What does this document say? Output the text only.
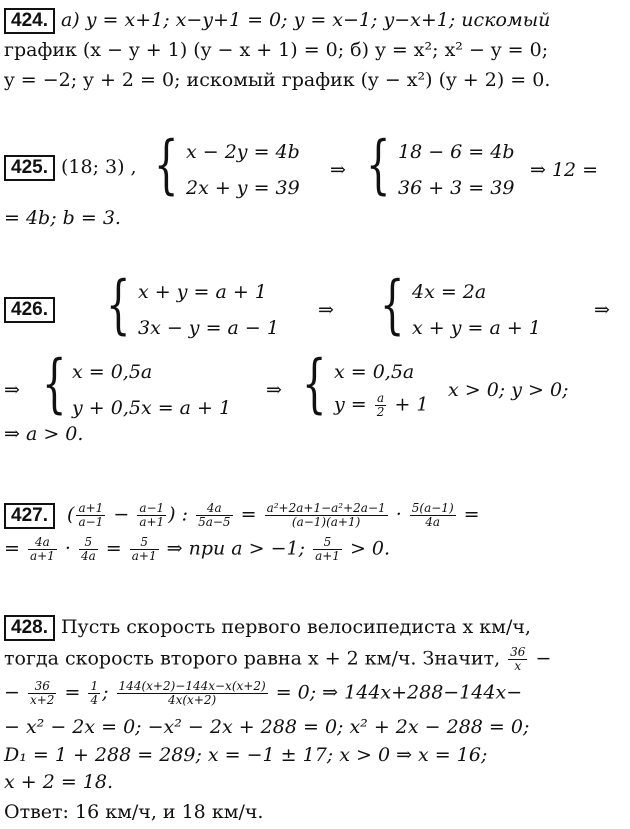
424. а) y = x+1; x−y+1 = 0; y = x−1; y−x+1; искомый
график (x − y + 1) (y − x + 1) = 0; б) y = x²; x² − y = 0;
y = −2; y + 2 = 0; искомый график (y − x²) (y + 2) = 0.
425. (18; 3) , { x − 2y = 4b
2x + y = 39
⇒ { 18 − 6 = 4b
36 + 3 = 39
⇒ 12 =
= 4b; b = 3.
426. { x + y = a + 1
3x − y = a − 1
⇒ { 4x = 2a
x + y = a + 1
⇒
⇒ { x = 0,5a
y + 0,5x = a + 1
⇒ { x = 0,5a
$y = \frac{a}{2} + 1$
x > 0; y > 0;
⇒ a > 0.
427. ( $\frac{a+1}{a-1} - \frac{a-1}{a+1}$ ) : $\frac{4a}{5a-5} = \frac{\text{a²+2a+1−a²+2a−1}}{(a-1)(a+1)} \cdot \frac{5(a-1)}{4a}$ =
= $\frac{4a}{a+1} \cdot \frac{5}{4a} = \frac{5}{a+1}$ ⇒ при a > −1; $\frac{5}{a+1} > 0$.
428. Пусть скорость первого велосипедиста x км/ч,
тогда скорость второго равна x + 2 км/ч. Значит, $\frac{36}{x}$ −
− $\frac{36}{x+2} = \frac{1}{4}$ ; $\frac{144(x+2)-144x-x(x+2)}{4x(x+2)} = 0$; ⇒ 144x+288−144x−
− x² − 2x = 0; −x² − 2x + 288 = 0; x² + 2x − 288 = 0;
D₁ = 1 + 288 = 289; x = −1 ± 17; x > 0 ⇒ x = 16;
x + 2 = 18.
Ответ: 16 км/ч, и 18 км/ч.
